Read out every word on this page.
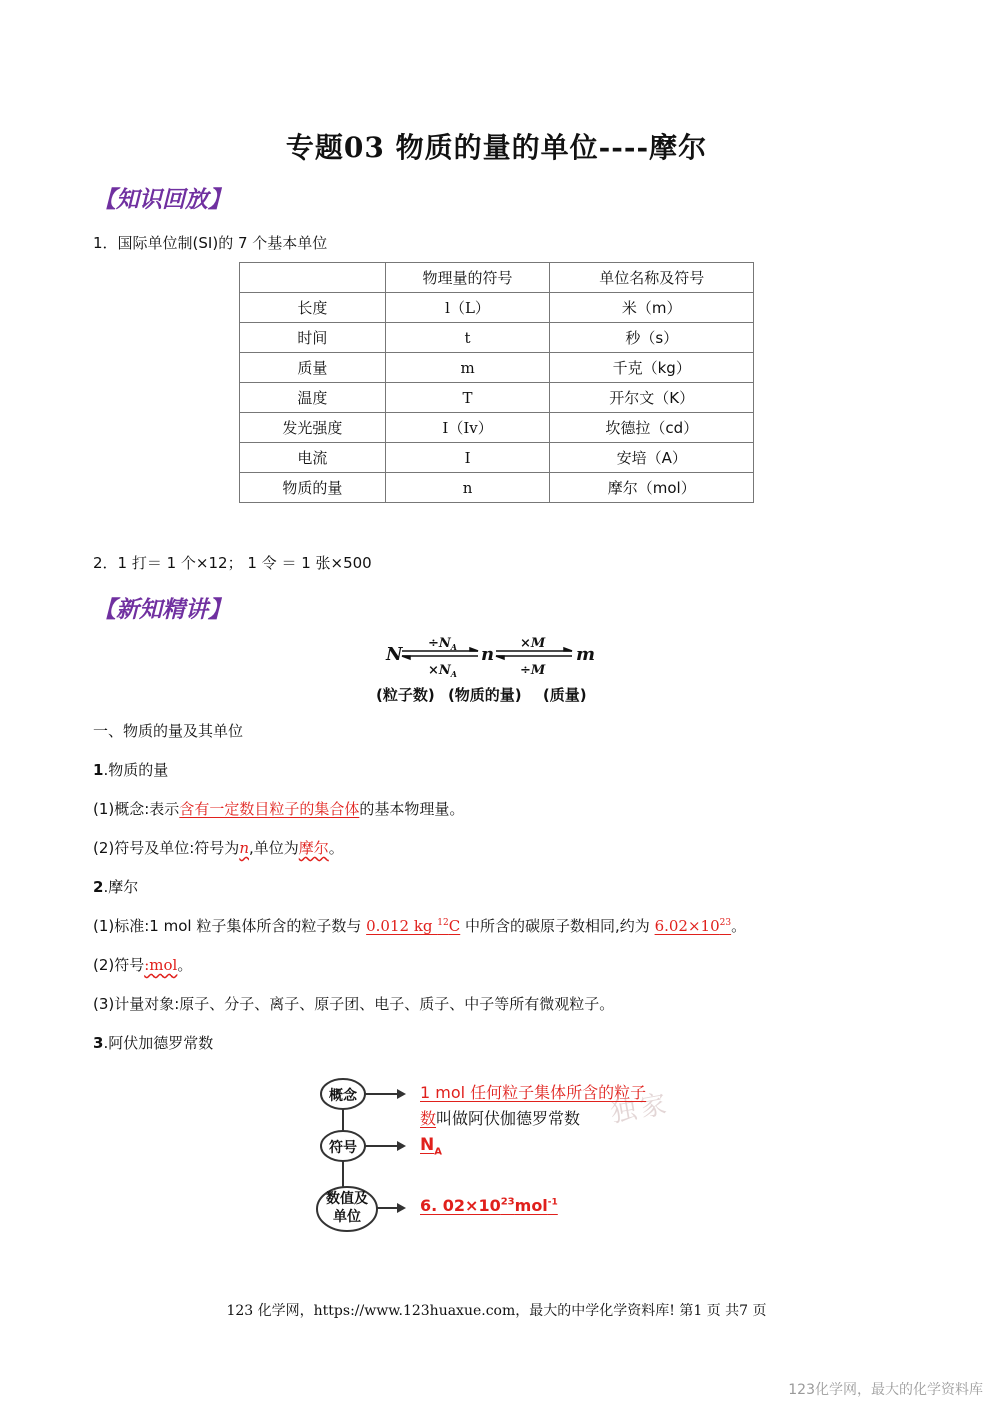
专题03 物质的量的单位----摩尔
【知识回放】
1．国际单位制(SI)的 7 个基本单位
	物理量的符号	单位名称及符号
长度	l（L）	米（m）
时间	t	秒（s）
质量	m	千克（kg）
温度	T	开尔文（K）
发光强度	I（Iv）	坎德拉（cd）
电流	I	安培（A）
物质的量	n	摩尔（mol）
2．1 打＝ 1 个×12； 1 令 ＝ 1 张×500
【新知精讲】
N
$\div N_A$
$\times N_A$
n
×M
÷M
m
(粒子数) (物质的量) (质量)
一、物质的量及其单位
1.物质的量
(1)概念:表示含有一定数目粒子的集合体的基本物理量。
(2)符号及单位:符号为n,单位为摩尔。
2.摩尔
(1)标准:1 mol 粒子集体所含的粒子数与 0.012 kg $^{12}$C 中所含的碳原子数相同,约为 $6.02\times 10^{23}$。
(2)符号:mol。
(3)计量对象:原子、分子、离子、原子团、电子、质子、中子等所有微观粒子。
3.阿伏加德罗常数
独家
概念
符号
数值及
单位
1 mol 任何粒子集体所含的粒子
数叫做阿伏伽德罗常数
$N_A$
6. $02\times 10^{23}mol^{-1}$
123 化学网，https://www.123huaxue.com，最大的中学化学资料库! 第1 页 共7 页
123化学网，最大的化学资料库
